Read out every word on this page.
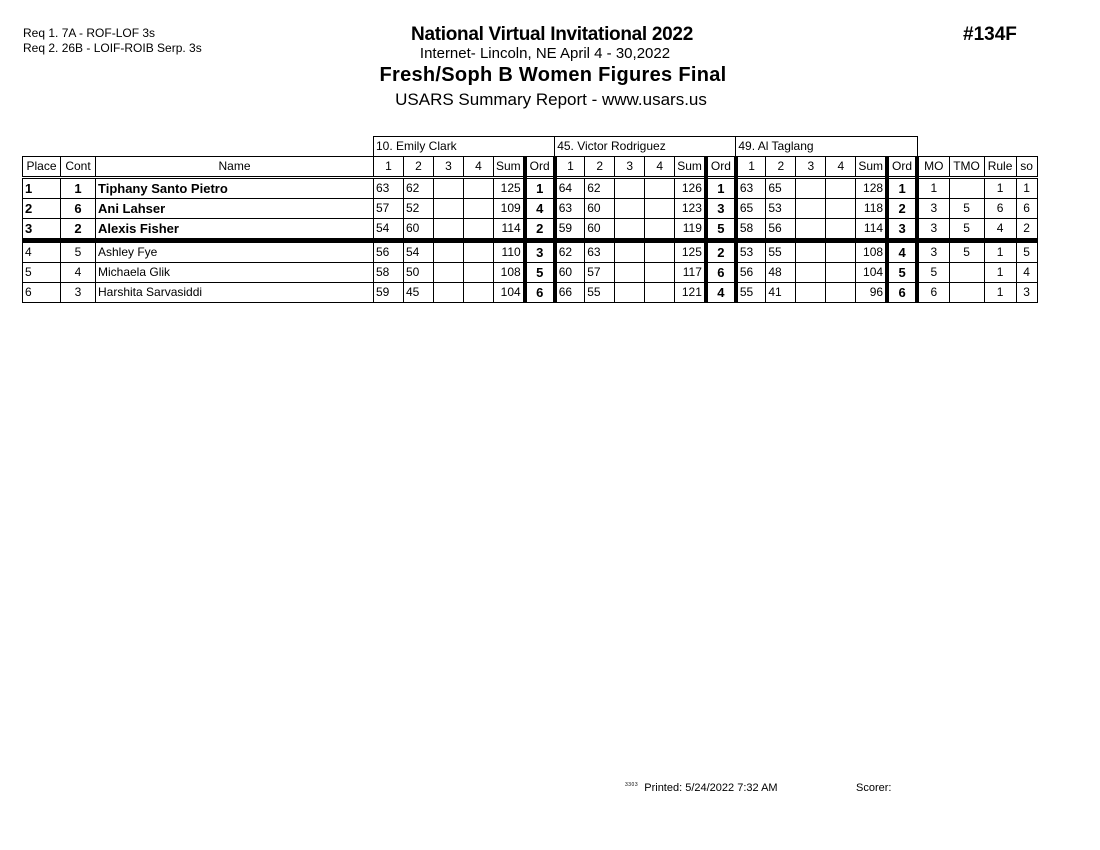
Req 1. 7A - ROF-LOF 3s
Req 2. 26B - LOIF-ROIB Serp. 3s
National Virtual Invitational 2022
Internet- Lincoln, NE April 4 - 30,2022
Fresh/Soph B Women Figures Final
USARS Summary Report - www.usars.us
#134F
			10. Emily Clark						45. Victor Rodriguez						49. Al Taglang									
Place	Cont	Name	1	2	3	4	Sum	Ord	1	2	3	4	Sum	Ord	1	2	3	4	Sum	Ord	MO	TMO	Rule	so
1	1	Tiphany Santo Pietro	63	62			125	1	64	62			126	1	63	65			128	1	1		1	1
2	6	Ani Lahser	57	52			109	4	63	60			123	3	65	53			118	2	3	5	6	6
3	2	Alexis Fisher	54	60			114	2	59	60			119	5	58	56			114	3	3	5	4	2
4	5	Ashley Fye	56	54			110	3	62	63			125	2	53	55			108	4	3	5	1	5
5	4	Michaela Glik	58	50			108	5	60	57			117	6	56	48			104	5	5		1	4
6	3	Harshita Sarvasiddi	59	45			104	6	66	55			121	4	55	41			96	6	6		1	3
$^{3303}$ Printed: 5/24/2022 7:32 AM	Scorer:
